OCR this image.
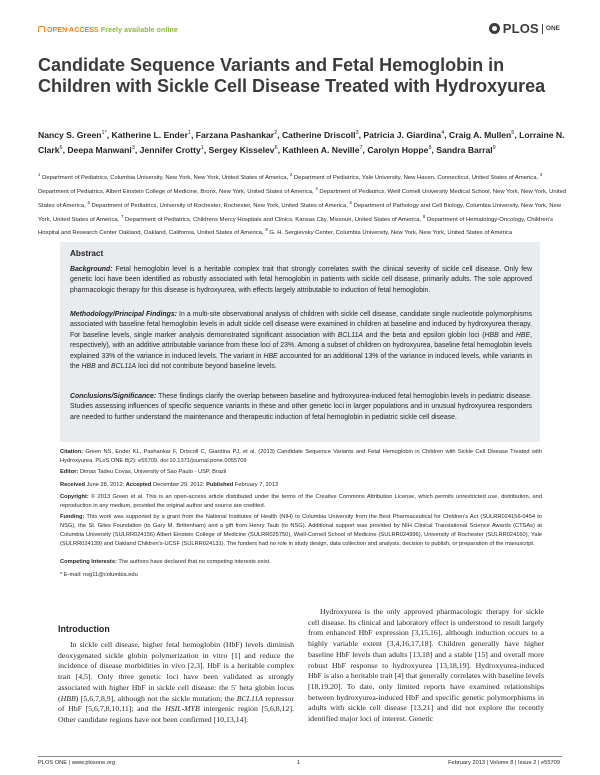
OPEN ACCESS Freely available online	PLOS ONE
Candidate Sequence Variants and Fetal Hemoglobin in Children with Sickle Cell Disease Treated with Hydroxyurea
Nancy S. Green$^{1*}$, Katherine L. Ender$^1$, Farzana Pashankar$^2$, Catherine Driscoll$^3$, Patricia J. Giardina$^4$, Craig A. Mullen$^5$, Lorraine N. Clark$^6$, Deepa Manwani$^3$, Jennifer Crotty$^1$, Sergey Kisselev$^6$, Kathleen A. Neville$^7$, Carolyn Hoppe$^8$, Sandra Barral$^9$
$^1$ Department of Pediatrics, Columbia University, New York, New York, United States of America, $^2$ Department of Pediatrics, Yale University, New Haven, Connecticut, United States of America, $^3$ Department of Pediatrics, Albert Einstein College of Medicine, Bronx, New York, United States of America, $^4$ Department of Pediatrics, Weill Cornell University Medical School, New York, New York, United States of America, $^5$ Department of Pediatrics, University of Rochester, Rochester, New York, United States of America, $^6$ Department of Pathology and Cell Biology, Columbia University, New York, New York, United States of America, $^7$ Department of Pediatrics, Childrens Mercy Hospitals and Clinics, Kansas City, Missouri, United States of America, $^8$ Department of Hematology-Oncology, Children's Hospital and Research Center Oakland, Oakland, California, United States of America, $^9$ G. H. Sergievsky Center, Columbia University, New York, New York, United States of America
Abstract
Background: Fetal hemoglobin level is a heritable complex trait that strongly correlates swith the clinical severity of sickle cell disease. Only few genetic loci have been identified as robustly associated with fetal hemoglobin in patients with sickle cell disease, primarily adults. The sole approved pharmacologic therapy for this disease is hydroxyurea, with effects largely attributable to induction of fetal hemoglobin.
Methodology/Principal Findings: In a multi-site observational analysis of children with sickle cell disease, candidate single nucleotide polymorphisms associated with baseline fetal hemoglobin levels in adult sickle cell disease were examined in children at baseline and induced by hydroxyurea therapy. For baseline levels, single marker analysis demonstrated significant association with BCL11A and the beta and epsilon globin loci (HBB and HBE, respectively), with an additive attributable variance from these loci of 23%. Among a subset of children on hydroxyurea, baseline fetal hemoglobin levels explained 33% of the variance in induced levels. The variant in HBE accounted for an additional 13% of the variance in induced levels, while variants in the HBB and BCL11A loci did not contribute beyond baseline levels.
Conclusions/Significance: These findings clarify the overlap between baseline and hydroxyurea-induced fetal hemoglobin levels in pediatric disease. Studies assessing influences of specific sequence variants in these and other genetic loci in larger populations and in unusual hydroxyurea responders are needed to further understand the maintenance and therapeutic induction of fetal hemoglobin in pediatric sickle cell disease.
Citation: Green NS, Ender KL, Pashankar F, Driscoll C, Giardina PJ, et al. (2013) Candidate Sequence Variants and Fetal Hemoglobin in Children with Sickle Cell Disease Treated with Hydroxyurea. PLoS ONE 8(2): e55709. doi:10.1371/journal.pone.0055709
Editor: Dimas Tadeu Covas, University of Sao Paulo - USP, Brazil
Received June 28, 2012; Accepted December 29, 2012; Published February 7, 2013
Copyright: © 2013 Green et al. This is an open-access article distributed under the terms of the Creative Commons Attribution License, which permits unrestricted use, distribution, and reproduction in any medium, provided the original author and source are credited.
Funding: This work was supported by a grant from the National Institutes of Health (NIH) to Columbia University from the Best Pharmaceutical for Children's Act (SULRR024156-0454 to NSG), the St. Giles Foundation (to Gary M. Brittenham) and a gift from Henry Taub (to NSG). Additional support was provided by NIH Clinical Translational Science Awards (CTSAs) at Columbia University (SULRR024156) Albert Einstein College of Medicine (SULRR025750), Weill-Cornell School of Medicine (SULRR024996), University of Rochester (SULRR024160), Yale (SULRR024139) and Oakland Children's-UCSF (SULRR024131). The funders had no role in study design, data collection and analysis, decision to publish, or preparation of the manuscript.
Competing Interests: The authors have declared that no competing interests exist.
* E-mail: nsg11@columbia.edu
Introduction

In sickle cell disease, higher fetal hemoglobin (HbF) levels diminish deoxygenated sickle globin polymerization in vitro [1] and reduce the incidence of disease morbidities in vivo [2,3]. HbF is a heritable complex trait [4,5]. Only three genetic loci have been validated as strongly associated with higher HbF in sickle cell disease: the 5′ beta globin locus (HBB) [5,6,7,8,9], although not the sickle mutation; the BCL11A repressor of HbF [5,6,7,8,10,11]; and the HSIL-MYB intergenic region [5,6,8,12]. Other candidate regions have not been confirmed [10,13,14].

Hydroxyurea is the only approved pharmacologic therapy for sickle cell disease. Its clinical and laboratory effect is understood to result largely from enhanced HbF expression [3,15,16], although induction occurs to a highly variable extent [3,4,16,17,18]. Children generally have higher baseline HbF levels than adults [13,18] and a stable [15] and overall more robust HbF response to hydroxyurea [13,18,19]. Hydroxyurea-induced HbF is also a heritable trait [4] that generally correlates with baseline levels [18,19,20]. To date, only limited reports have examined relationships between hydroxyurea-induced HbF and specific genetic polymorphisms in adults with sickle cell disease [13,21] and did not explore the recently identified major loci of interest. Genetic

PLOS ONE | www.plosone.org	1	February 2013 | Volume 8 | Issue 2 | e55709
